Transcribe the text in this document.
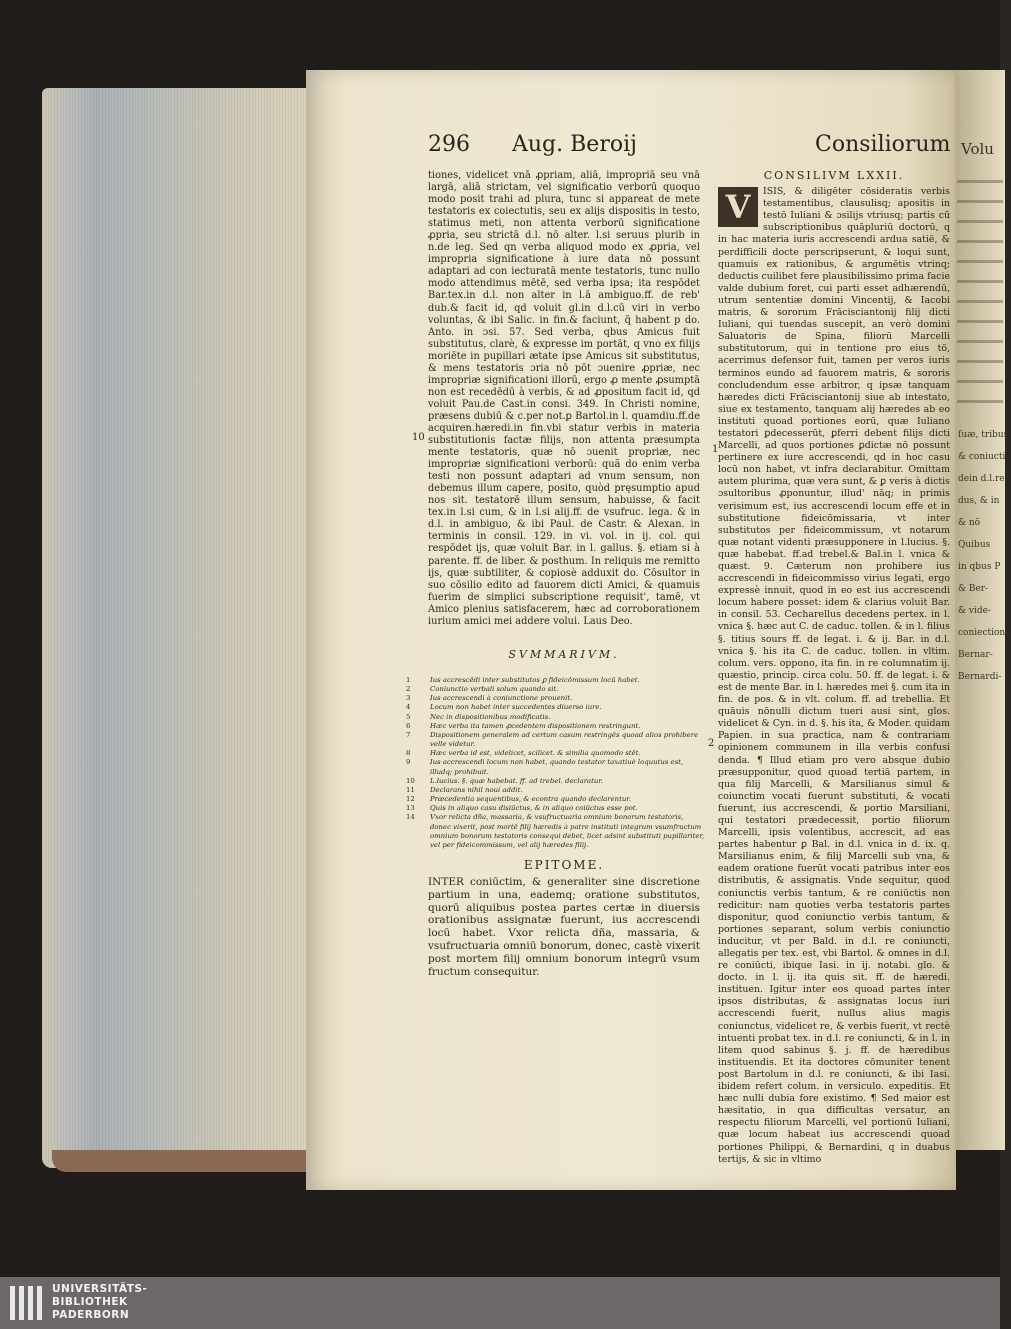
Volu
ſuæ, tribus
& coniucti
dein d.l.re
dus, & in
& nō
Quibus
in qbus P
& Ber-
& vide-
coniectione
Bernar-
Bernardi-
296 Aug. Beroij	Consiliorum

tiones, videlicet vnā ꝓpriam, aliā, impropriā seu vnā largā, aliā strictam, vel significatio verborū quoquo modo posit trahi ad plura, tunc si appareat de mete testatoris ex coiectutis, seu ex alijs dispositis in testo, statimus meti, non attenta verborū significatione ꝓpria, seu strictā d.l. nō alter. l.si seruus plurib in n.de leg. Sed qn verba aliquod modo ex ꝓpria, vel impropria significatione à iure data nō possunt adaptari ad con iecturatā mente testatoris, tunc nullo modo attendimus mētē, sed verba ipsa; ita respōdet Bar.tex.in d.l. non alter in l.ā ambiguo.ff. de reb' dub.& facit id, qd voluit gl.in d.l.cū viri in verbo voluntas, & ibi Salic. in fin.& faciunt, q̄ habent p do. Anto. in ɔsi. 57. Sed verba, qbus Amicus fuit substitutus, clarè, & expresse im portāt, q vno ex filijs moriēte in pupillari ætate ipse Amicus sit substitutus, & mens testatoris ɔria nō pōt ɔuenire ꝓpriæ, nec impropriæ significationi illorū, ergo ꝓ mente ꝓsumptā non est recedēdū à verbis, & ad ꝓpositum facit id, qd voluit Pau.de Cast.in consi. 349. In Christi nomine, præsens dubiū & c.per not.ꝑ Bartol.in l. quamdiu.ff.de acquiren.hæredi.in fin.vbi statur verbis in materia substitutionis factæ filijs, non attenta præsumpta mente testatoris, quæ nō ɔuenit propriæ, nec impropriæ significationi verborū: quã do enim verba testi non possunt adaptari ad vnum sensum, non debemus illum capere, posito, quòd pręsumptio apud nos sit. testatorē illum sensum, habuisse, & facit tex.in l.si cum, & in l.si alij.ff. de vsufruc. lega. & in d.l. in ambiguo, & ibi Paul. de Castr. & Alexan. in terminis in consil. 129. in vi. vol. in ij. col. qui respōdet ijs, quæ voluit Bar. in l. gallus. §. etiam si à parente. ff. de liber. & posthum. In reliquis me remitto ijs, quæ subtiliter, & copiosè adduxit do. Cōsultor in suo cōsilio edito ad fauorem dicti Amici, & quamuis fuerim de simplici subscriptione requisit', tamē, vt Amico plenius satisfacerem, hæc ad corroborationem iurium amici mei addere volui. Laus Deo.

10
SVMMARIVM.
1	Ius accrescēdi inter substitutos ꝑ fideicōmissum locū habet.
2	Coniunctio verbali solum quando sit.
3	Ius accrescendi à coniunctione prouenit.
4	Locum non habet inter succedentes diuerso iure.
5	Nec in dispositionibus modificatis.
6	Hæc verba ita tamen ꝓcedentem dispositionem restringunt.
7	Dispositionem generalem ad certum casum restringēs quoad alios prohibere velle videtur.
8	Hæc verba id est, videlicet, scilicet. & similia quomodo stēt.
9	Ius accrescendi locum non habet, quando testator taxatiuè loquutus est, illudq; prohibuit.
10	L.lucius. §. quæ habebat. ff. ad trebel. declaratur.
11	Declarans nihil noui addit.
12	Præcedentia sequentibus, & econtra quando declarentur.
13	Quis in aliquo casu disiūctus, & in aliquo coiūctus esse pot.
14	Vxor relicta dña, massaria, & vsufructuaria omnium bonorum testatoris, donec vixerit, post mortē filij hæredis à patre instituti integrum vsumfructum omnium bonorum testatoris consequi debet, licet adsint substituti pupillariter, vel per fideicommissum, vel alij hæredes filij.
EPITOME.
INTER coniūctim, & generaliter sine discretione partium in una, eademq; oratione substitutos, quorū aliquibus postea partes certæ in diuersis orationibus assignatæ fuerunt, ius accrescendi locū habet. Vxor relicta dña, massaria, & vsufructuaria omniū bonorum, donec, castè vixerit post mortem filij omnium bonorum integrū vsum fructum consequitur.
CONSILIVM LXXII.

V	ISIS, & diligēter cōsideratis verbis testamentibus, clausulisq; apositis in testō Iuliani & ɔsilijs vtriusq; partis cū subscriptionibus quāpluriū doctorū, q in hac materia iuris accrescendi ardua satiē, & perdifficili docte perscripserunt, & loqui sunt, quamuis ex rationibus, & argumētis vtrinq; deductis cuilibet fere plausibilissimo prima facie valde dubium foret, cui parti esset adhærendū, utrum sententiæ domini Vincentij, & Iacobi matris, & sororum Frācisciantonij filij dicti Iuliani, qui tuendas suscepit, an verò domini Saluatoris de Spina, filiorū Marcelli substitutorum, qui in tentione pro eius tō, acerrimus defensor fuit, tamen per veros iuris terminos eundo ad fauorem matris, & sororis concludendum esse arbitror, q ipsæ tanquam hæredes dicti Frācisciantonij siue ab intestato, siue ex testamento, tanquam alij hæredes ab eo instituti quoad portiones eorū, quæ Iuliano testatori ꝑdecesserūt, ꝑferri debent filijs dicti Marcelli, ad quos portiones ꝑdictæ nō possunt pertinere ex iure accrescendi, qd in hoc casu locū non habet, vt infra declarabitur. Omittam autem plurima, quæ vera sunt, & ꝑ veris à dictis ɔsultoribus ꝓponuntur, illud' nāq; in primis verisimum est, ius accrescendi locum effe et in substitutione fideicōmissaria, vt inter substitutos per fideicommissum, vt notarum quæ notant videnti præsupponere in l.lucius. §. quæ habebat. ff.ad trebel.& Bal.in l. vnica & quæst. 9. Cæterum non prohibere ius accrescendi in fideicommisso virius legati, ergo expressè innuit, quod in eo est ius accrescendi locum habere posset: idem & clarius voluit Bar. in consil. 53. Cecharellus decedens pertex. in l. vnica §. hæc aut C. de caduc. tollen. & in l. filius §. titius sours ff. de legat. i. & ij. Bar. in d.l. vnica §. his ita C. de caduc. tollen. in vltim. colum. vers. oppono, ita fin. in re columnatim ij. quæstio, princip. circa colu. 50. ff. de legat. i. & est de mente Bar. in l. hæredes mei §. cum ita in fin. de pos. & in vlt. colum. ff. ad trebellia. Et quāuis nōnulli dictum tueri ausi sint, glos. videlicet & Cyn. in d. §. his ita, & Moder. quidam Papien. in sua practica, nam & contrariam opinionem communem in illa verbis confusi denda. ¶ Illud etiam pro vero absque dubio præsupponitur, quod quoad tertiā partem, in qua filij Marcelli, & Marsilianus simul & coiunctim vocati fuerunt substituti, & vocati fuerunt, ius accrescendi, & portio Marsiliani, qui testatori prædecessit, portio filiorum Marcelli, ipsis volentibus, accrescit, ad eas partes habentur ꝑ Bal. in d.l. vnica in d. ix. q. Marsilianus enim, & filij Marcelli sub vna, & eadem oratione fuerūt vocati patribus inter eos distributis, & assignatis. Vnde sequitur, quod coniunctis verbis tantum, & re coniūctis non redicitur: nam quoties verba testatoris partes disponitur, quod coniunctio verbis tantum, & portiones separant, solum verbis coniunctio inducitur, vt per Bald. in d.l. re coniuncti, allegatis per tex. est, vbi Bartol. & omnes in d.l. re coniūcti, ibique Iasi. in ij. notabi. glo. & docto. in l. ij. ita quis sit. ff. de hæredi. instituen. Igitur inter eos quoad partes inter ipsos distributas, & assignatas locus iuri accrescendi fuerit, nullus alius magis coniunctus, videlicet re, & verbis fuerit, vt rectè intuenti probat tex. in d.l. re coniuncti, & in l. in litem quod sabinus §. j. ff. de hæredibus instituendis. Et ita doctores cōmuniter tenent post Bartolum in d.l. re coniuncti, & ibi Iasi. ibidem refert colum. in versiculo. expeditis. Et hæc nulli dubia fore existimo. ¶ Sed maior est hæsitatio, in qua difficultas versatur, an respectu filiorum Marcelli, vel portionū Iuliani, quæ locum habeat ius accrescendi quoad portiones Philippi, & Bernardini, q in duabus tertijs, & sic in vltimo

1
2
UNIVERSITÄTS-
BIBLIOTHEK
PADERBORN
